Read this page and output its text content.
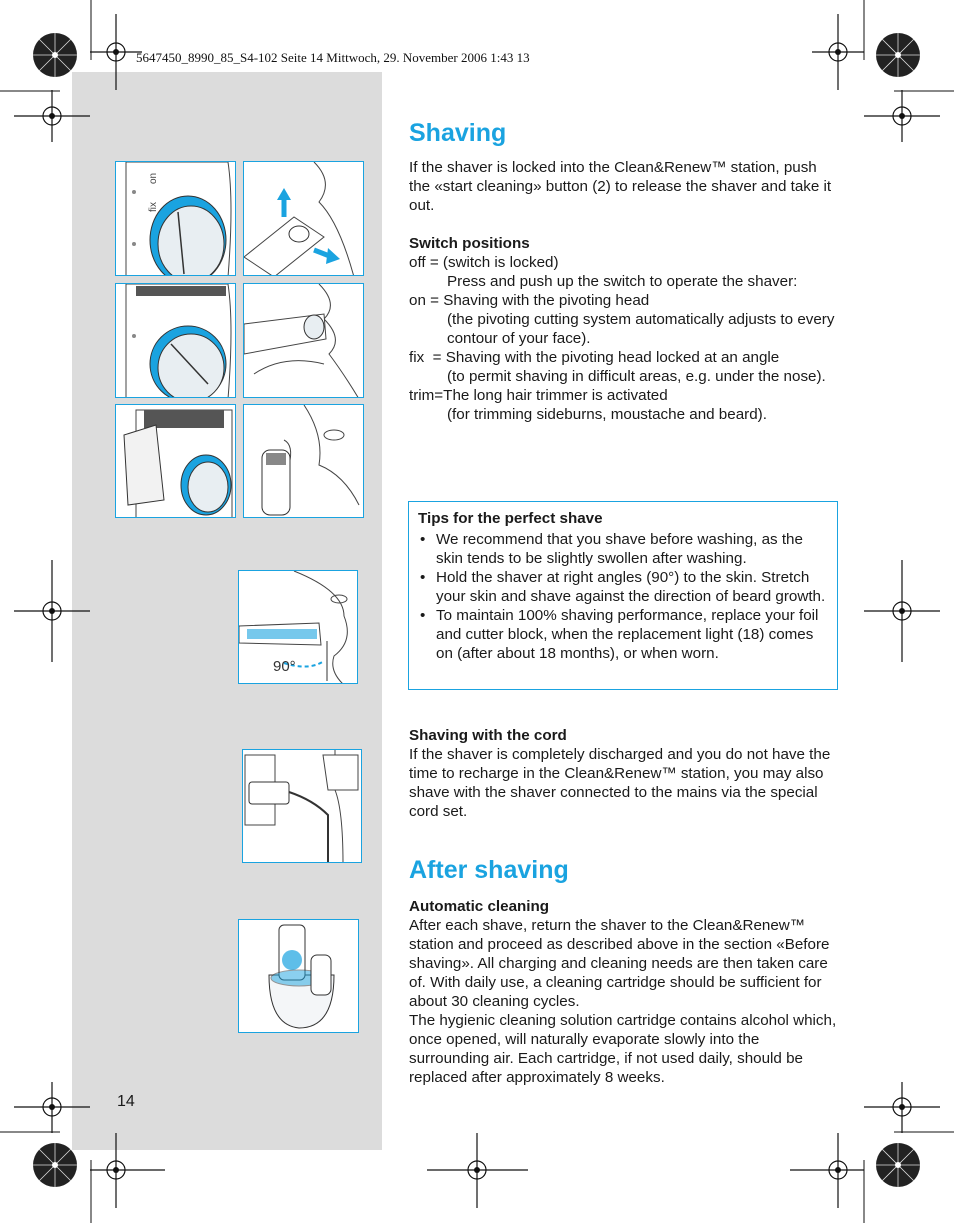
5647450_8990_85_S4-102 Seite 14 Mittwoch, 29. November 2006 1:43 13
fix
on
90°
Shaving

If the shaver is locked into the Clean&Renew™ station, push the «start cleaning» button (2) to release the shaver and take it out.

Switch positions

off = (switch is locked)

Press and push up the switch to operate the shaver:

on = Shaving with the pivoting head

(the pivoting cutting system automatically adjusts to every contour of your face).

fix  = Shaving with the pivoting head locked at an angle

(to permit shaving in difficult areas, e.g. under the nose).

trim= The long hair trimmer is activated

(for trimming sideburns, moustache and beard).

Tips for the perfect shave

• We recommend that you shave before washing, as the skin tends to be slightly swollen after washing.
• Hold the shaver at right angles (90°) to the skin. Stretch your skin and shave against the direction of beard growth.
• To maintain 100% shaving performance, replace your foil and cutter block, when the replacement light (18) comes on (after about 18 months), or when worn.

Shaving with the cord

If the shaver is completely discharged and you do not have the time to recharge in the Clean&Renew™ station, you may also shave with the shaver connected to the mains via the special cord set.

After shaving

Automatic cleaning

After each shave, return the shaver to the Clean&Renew™ station and proceed as described above in the section «Before shaving». All charging and cleaning needs are then taken care of. With daily use, a cleaning cartridge should be sufficient for about 30 cleaning cycles.

The hygienic cleaning solution cartridge contains alcohol which, once opened, will naturally evaporate slowly into the surrounding air. Each cartridge, if not used daily, should be replaced after approximately 8 weeks.

14
